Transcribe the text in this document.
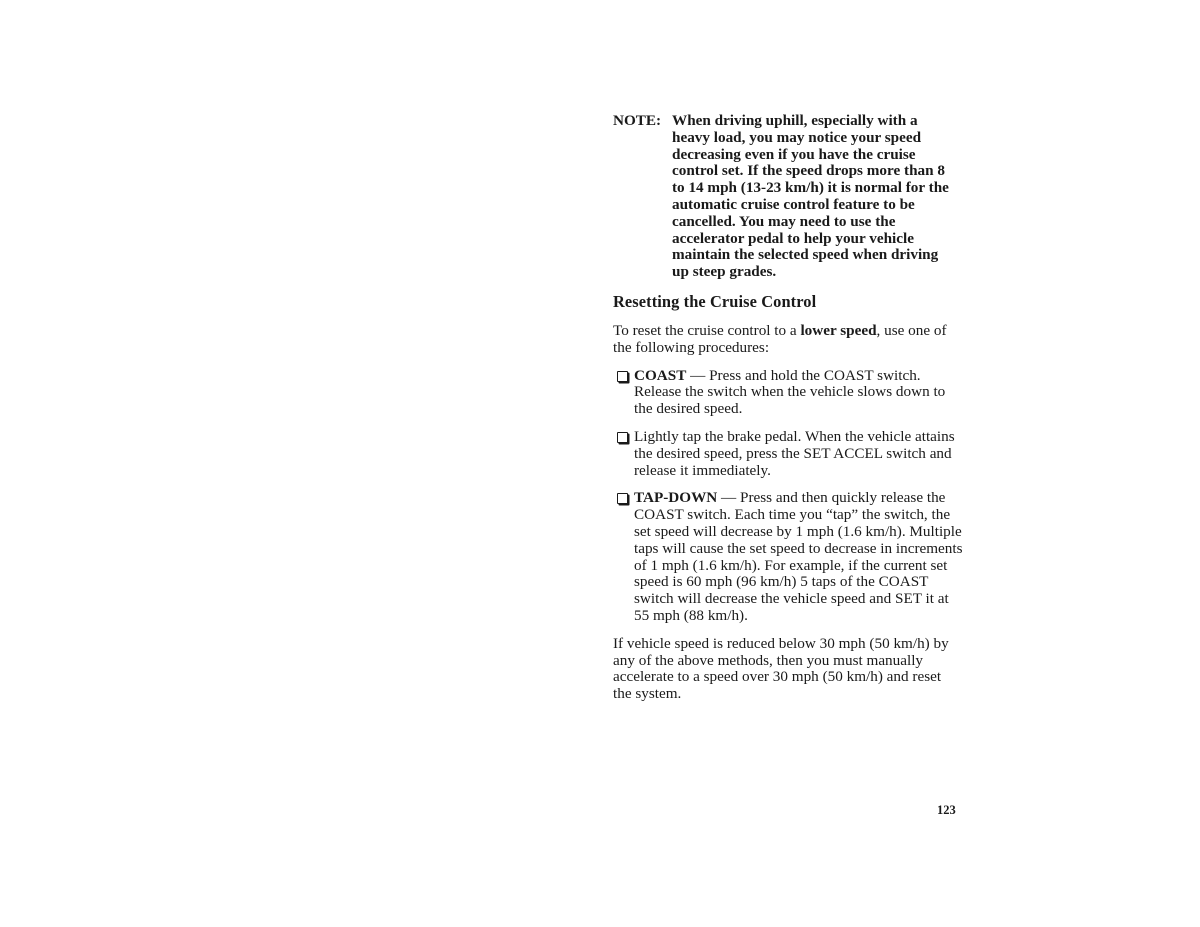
NOTE: When driving uphill, especially with a heavy load, you may notice your speed decreasing even if you have the cruise control set. If the speed drops more than 8 to 14 mph (13-23 km/h) it is normal for the automatic cruise control feature to be cancelled. You may need to use the accelerator pedal to help your vehicle maintain the selected speed when driving up steep grades.
Resetting the Cruise Control

To reset the cruise control to a lower speed, use one of the following procedures:

COAST — Press and hold the COAST switch. Release the switch when the vehicle slows down to the desired speed.
Lightly tap the brake pedal. When the vehicle attains the desired speed, press the SET ACCEL switch and release it immediately.
TAP-DOWN — Press and then quickly release the COAST switch. Each time you “tap” the switch, the set speed will decrease by 1 mph (1.6 km/h). Multiple taps will cause the set speed to decrease in increments of 1 mph (1.6 km/h). For example, if the current set speed is 60 mph (96 km/h) 5 taps of the COAST switch will decrease the vehicle speed and SET it at 55 mph (88 km/h).

If vehicle speed is reduced below 30 mph (50 km/h) by any of the above methods, then you must manually accelerate to a speed over 30 mph (50 km/h) and reset the system.

123
